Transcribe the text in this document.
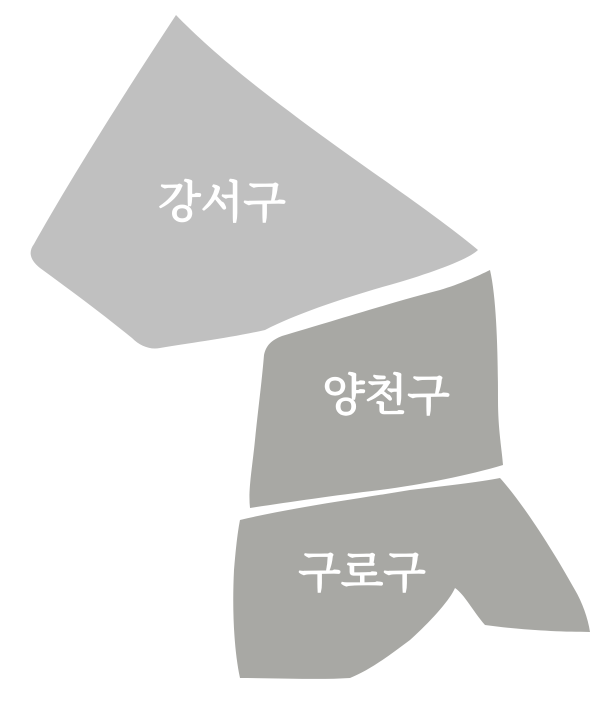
강서구
양천구
구로구
